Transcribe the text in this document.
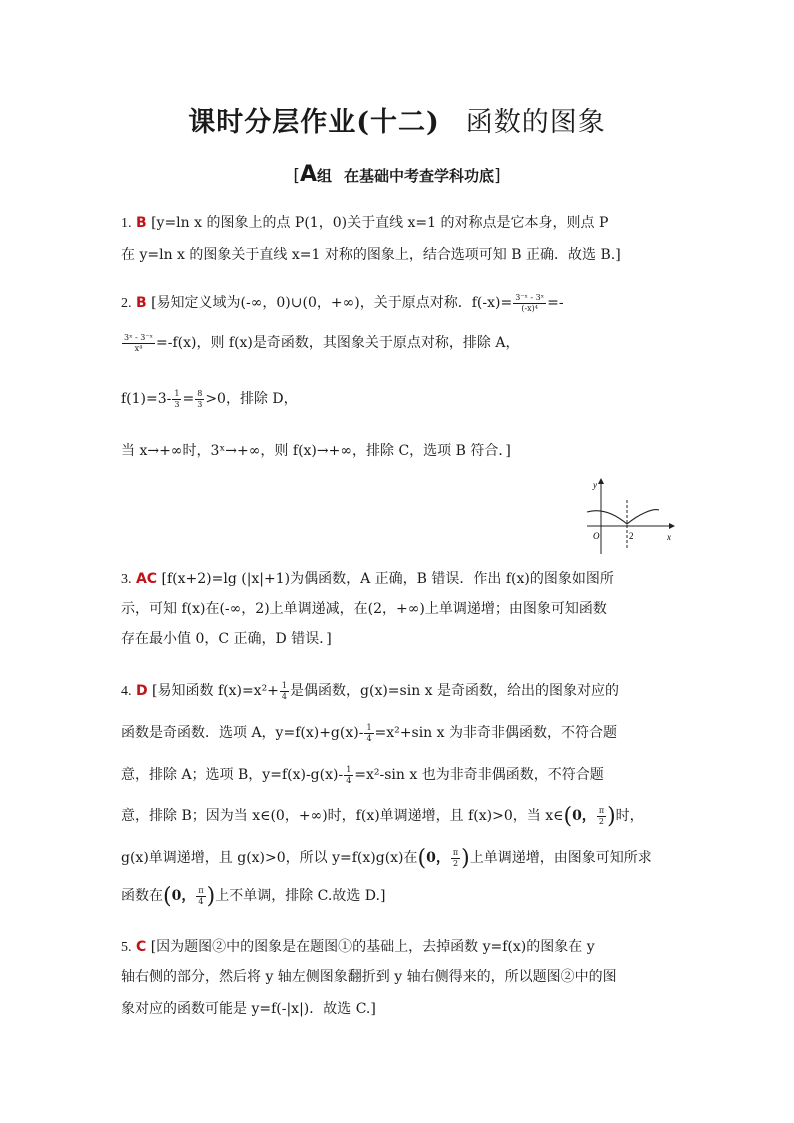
课时分层作业(十二) 函数的图象
[A组 在基础中考查学科功底]
1. B [y=ln x 的图象上的点 P(1，0)关于直线 x=1 的对称点是它本身，则点 P
在 y=ln x 的图象关于直线 x=1 对称的图象上，结合选项可知 B 正确．故选 B.]
2. B [易知定义域为(-∞，0)∪(0，+∞)，关于原点对称．$f(-x)= \frac{\text{3⁻ˣ - 3ˣ}}{\text{(-x)⁴}}$ =-
$\frac{\text{3ˣ - 3⁻ˣ}}{\text{x⁴}} =-f(x)$，则 f(x)是奇函数，其图象关于原点对称，排除 A，
$f(1)=3- \frac{1}{3} = \frac{8}{3} >0$，排除 D，
当 x→+∞时，3ˣ→+∞，则 f(x)→+∞，排除 C，选项 B 符合．]
y
x
O	2
3. AC [f(x+2)=lg (|x|+1)为偶函数，A 正确，B 错误．作出 f(x)的图象如图所
示，可知 f(x)在(-∞，2)上单调递减，在(2，+∞)上单调递增；由图象可知函数
存在最小值 0，C 正确，D 错误．]
4. D [易知函数 $f(x)=x^2+ \frac{1}{4}$ 是偶函数，g(x)=sin x 是奇函数，给出的图象对应的
函数是奇函数．选项 A，$y=f(x)+g(x)- \frac{1}{4} =x^2+\sin$ x 为非奇非偶函数，不符合题
意，排除 A；选项 B，$y=f(x)-g(x)- \frac{1}{4} =x^2-\sin$ x 也为非奇非偶函数，不符合题
意，排除 B；因为当 x∈(0，+∞)时，f(x)单调递增，且 f(x)>0，当 x∈(0， $\frac{\pi}{2}$ )时，
g(x)单调递增，且 g(x)>0，所以 y=f(x)g(x)在(0， $\frac{\pi}{2}$ )上单调递增，由图象可知所求
函数在(0， $\frac{\pi}{4}$ )上不单调，排除 C.故选 D.]
5. C [因为题图②中的图象是在题图①的基础上，去掉函数 y=f(x)的图象在 y
轴右侧的部分，然后将 y 轴左侧图象翻折到 y 轴右侧得来的，所以题图②中的图
象对应的函数可能是 y=f(-|x|)．故选 C.]
